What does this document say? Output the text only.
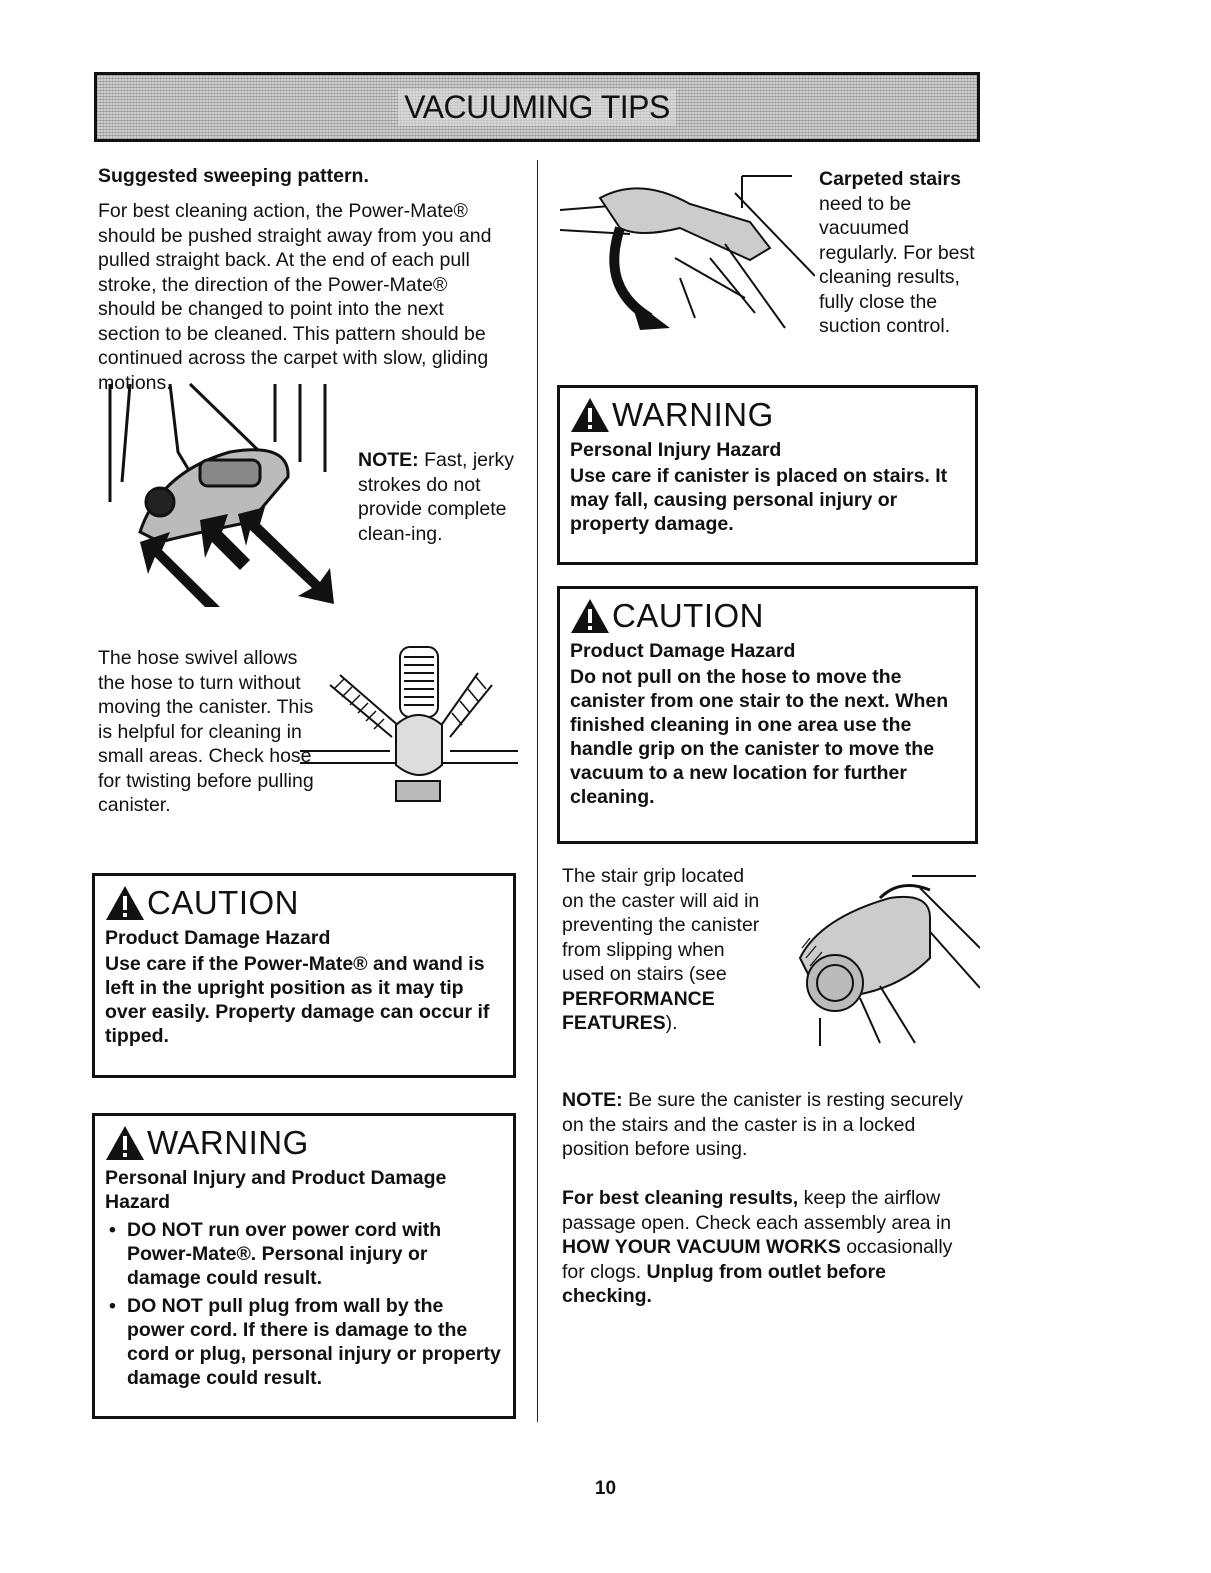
VACUUMING TIPS

Suggested sweeping pattern.

For best cleaning action, the Power-Mate® should be pushed straight away from you and pulled straight back. At the end of each pull stroke, the direction of the Power-Mate® should be changed to point into the next section to be cleaned. This pattern should be continued across the carpet with slow, gliding motions.

NOTE: Fast, jerky strokes do not provide complete clean-ing.

The hose swivel allows the hose to turn without moving the canister. This is helpful for cleaning in small areas. Check hose for twisting before pulling canister.

CAUTION

Product Damage Hazard

Use care if the Power-Mate® and wand is left in the upright position as it may tip over easily. Property damage can occur if tipped.

WARNING

Personal Injury and Product Damage Hazard

• DO NOT run over power cord with Power-Mate®. Personal injury or damage could result.
• DO NOT pull plug from wall by the power cord. If there is damage to the cord or plug, personal injury or property damage could result.

Carpeted stairs need to be vacuumed regularly. For best cleaning results, fully close the suction control.

WARNING

Personal Injury Hazard

Use care if canister is placed on stairs. It may fall, causing personal injury or property damage.

CAUTION

Product Damage Hazard

Do not pull on the hose to move the canister from one stair to the next. When finished cleaning in one area use the handle grip on the canister to move the vacuum to a new location for further cleaning.

The stair grip located on the caster will aid in preventing the canister from slipping when used on stairs (see PERFORMANCE FEATURES).

NOTE: Be sure the canister is resting securely on the stairs and the caster is in a locked position before using.

For best cleaning results, keep the airflow passage open. Check each assembly area in HOW YOUR VACUUM WORKS occasionally for clogs. Unplug from outlet before checking.

10
